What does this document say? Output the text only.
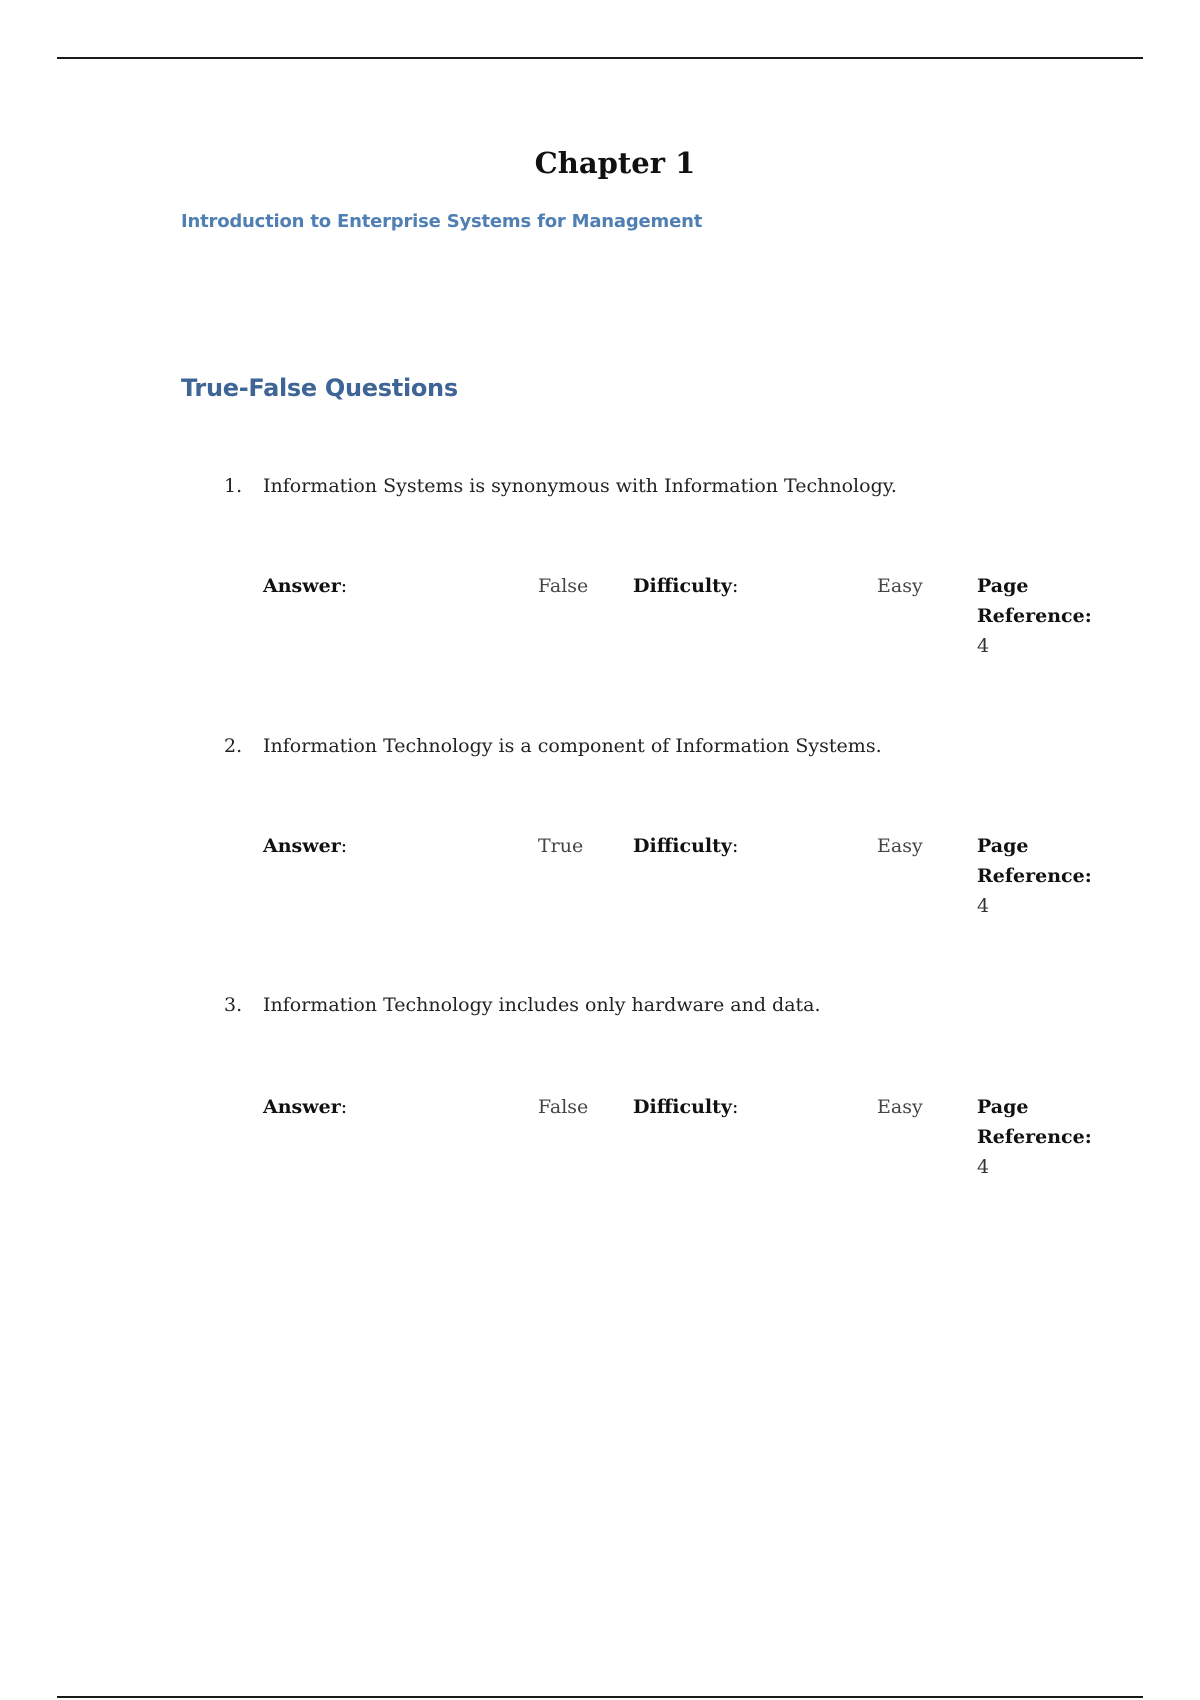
Chapter 1

Introduction to Enterprise Systems for Management

True-False Questions
1. Information Systems is synonymous with Information Technology.
Answer:	False Difficulty:	Easy	Page
Reference:
4
2. Information Technology is a component of Information Systems.
Answer:	True	Difficulty:	Easy	Page
Reference:
4
3. Information Technology includes only hardware and data.
Answer:	False Difficulty:	Easy	Page
Reference:
4
